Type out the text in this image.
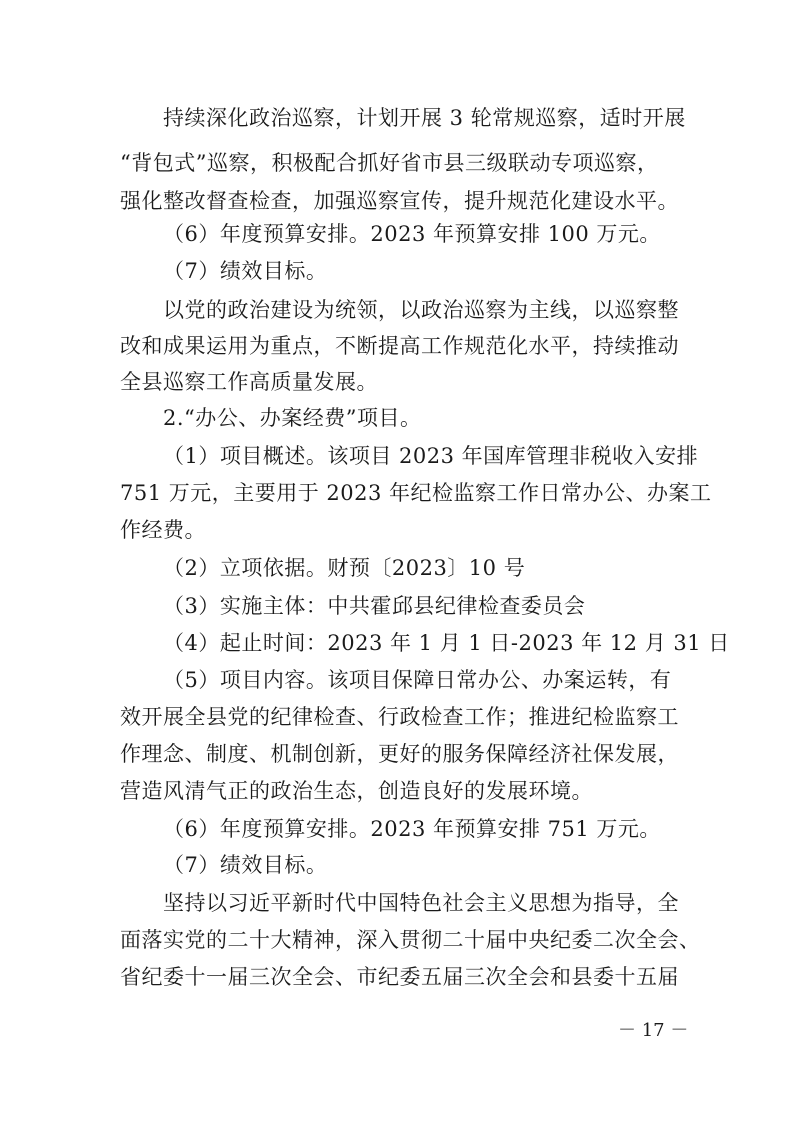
持续深化政治巡察，计划开展 3 轮常规巡察，适时开展
“背包式”巡察，积极配合抓好省市县三级联动专项巡察，
强化整改督查检查，加强巡察宣传，提升规范化建设水平。
（6）年度预算安排。2023 年预算安排 100 万元。
（7）绩效目标。
以党的政治建设为统领，以政治巡察为主线，以巡察整
改和成果运用为重点，不断提高工作规范化水平，持续推动
全县巡察工作高质量发展。
2.“办公、办案经费”项目。
（1）项目概述。该项目 2023 年国库管理非税收入安排
751 万元，主要用于 2023 年纪检监察工作日常办公、办案工
作经费。
（2）立项依据。财预〔2023〕10 号
（3）实施主体：中共霍邱县纪律检查委员会
（4）起止时间：2023 年 1 月 1 日-2023 年 12 月 31 日
（5）项目内容。该项目保障日常办公、办案运转，有
效开展全县党的纪律检查、行政检查工作；推进纪检监察工
作理念、制度、机制创新，更好的服务保障经济社保发展，
营造风清气正的政治生态，创造良好的发展环境。
（6）年度预算安排。2023 年预算安排 751 万元。
（7）绩效目标。
坚持以习近平新时代中国特色社会主义思想为指导，全
面落实党的二十大精神，深入贯彻二十届中央纪委二次全会、
省纪委十一届三次全会、市纪委五届三次全会和县委十五届
－ 17 －
